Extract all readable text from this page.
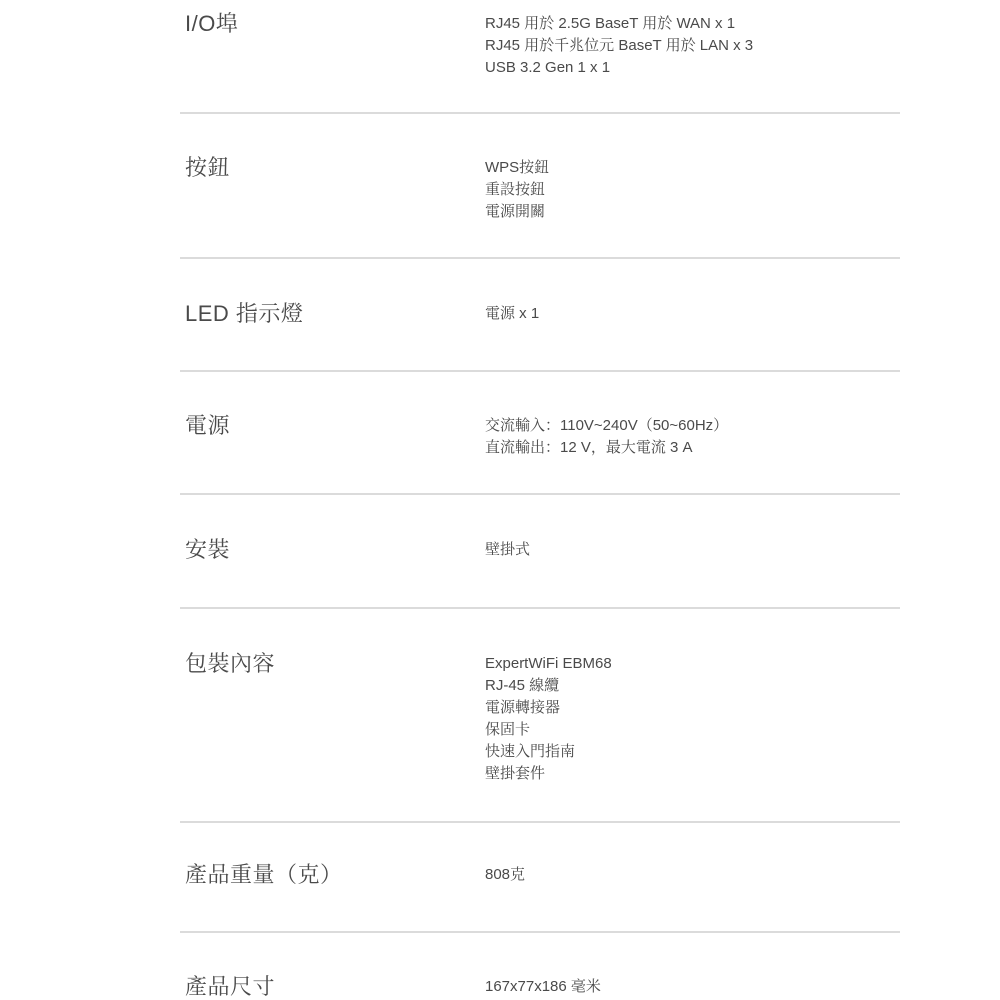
I/O埠	RJ45 用於 2.5G BaseT 用於 WAN x 1
RJ45 用於千兆位元 BaseT 用於 LAN x 3
USB 3.2 Gen 1 x 1
按鈕	WPS按鈕
重設按鈕
電源開關
LED 指示燈	電源 x 1
電源	交流輸入：110V~240V（50~60Hz）
直流輸出：12 V，最大電流 3 A
安裝	壁掛式
包裝內容	ExpertWiFi EBM68
RJ-45 線纜
電源轉接器
保固卡
快速入門指南
壁掛套件
產品重量（克）	808克
產品尺寸	167x77x186 毫米
